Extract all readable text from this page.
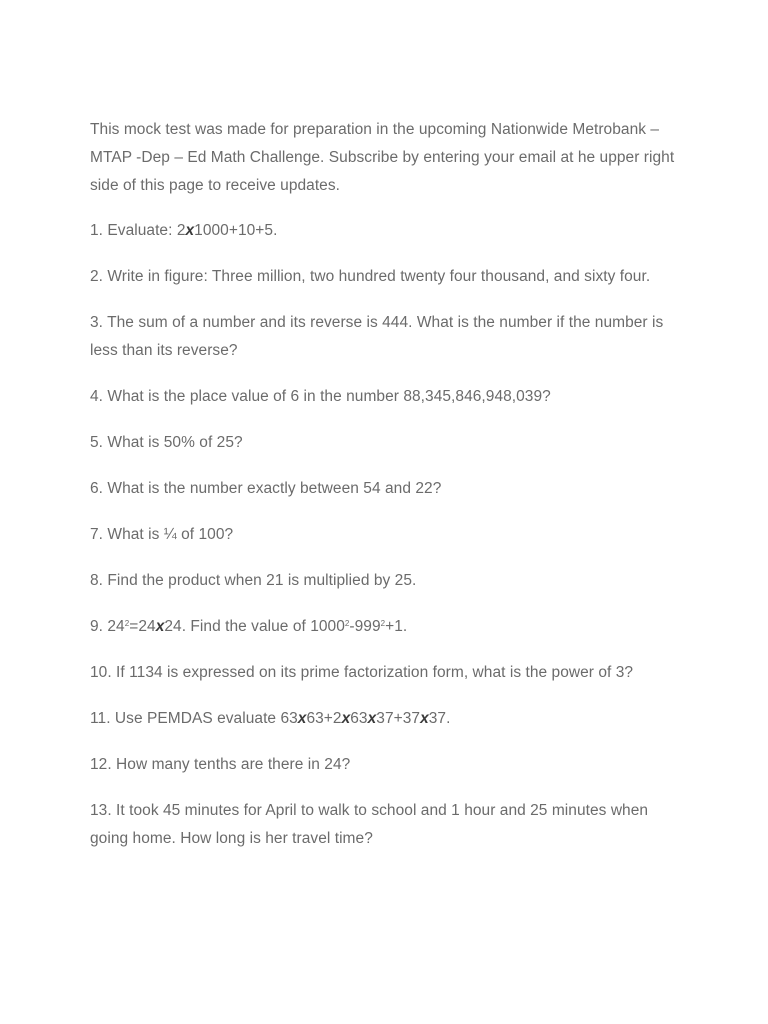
This mock test was made for preparation in the upcoming Nationwide Metrobank – MTAP -Dep – Ed Math Challenge. Subscribe by entering your email at he upper right side of this page to receive updates.

1. Evaluate: 2x1000+10+5.

2. Write in figure: Three million, two hundred twenty four thousand, and sixty four.

3. The sum of a number and its reverse is 444. What is the number if the number is less than its reverse?

4. What is the place value of 6 in the number 88,345,846,948,039?

5. What is 50% of 25?

6. What is the number exactly between 54 and 22?

7. What is ¼ of 100?

8. Find the product when 21 is multiplied by 25.

9. $24^2=24x24$. Find the value of $1000^2-999^2+1$.

10. If 1134 is expressed on its prime factorization form, what is the power of 3?

11. Use PEMDAS evaluate 63x63+2x63x37+37x37.

12. How many tenths are there in 24?

13. It took 45 minutes for April to walk to school and 1 hour and 25 minutes when going home. How long is her travel time?
